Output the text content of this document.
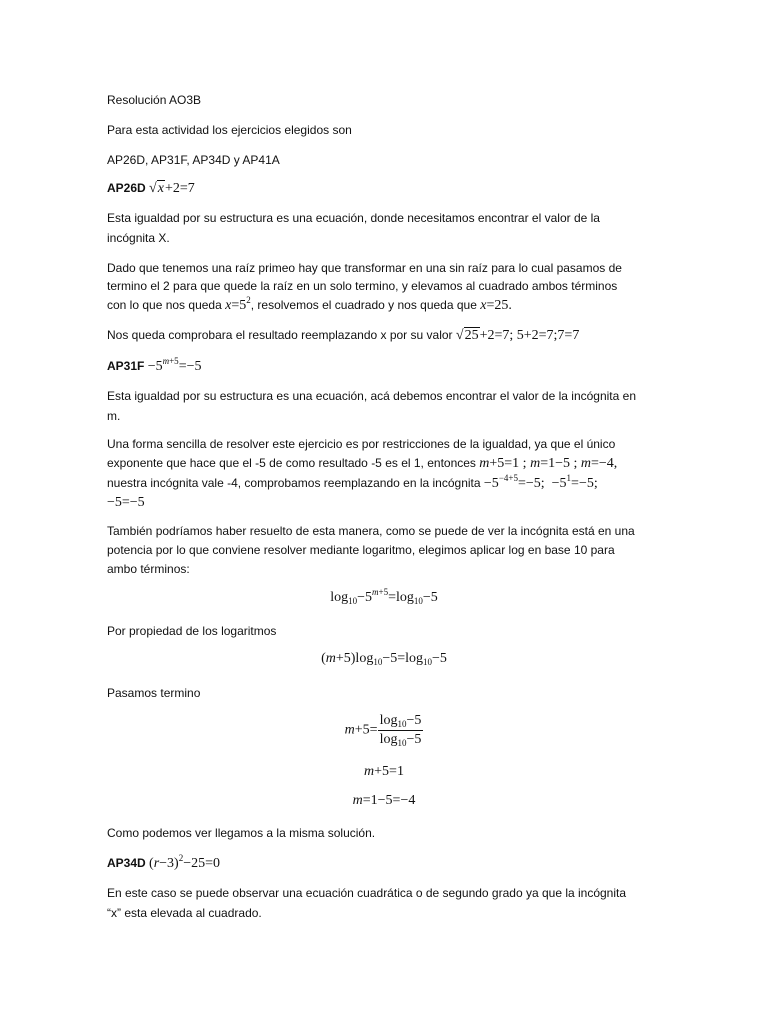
Resolución AO3B
Para esta actividad los ejercicios elegidos son
AP26D, AP31F, AP34D y AP41A
AP26D √x+2=7
Esta igualdad por su estructura es una ecuación, donde necesitamos encontrar el valor de la
incógnita X.
Dado que tenemos una raíz primeo hay que transformar en una sin raíz para lo cual pasamos de
termino el 2 para que quede la raíz en un solo termino, y elevamos al cuadrado ambos términos
con lo que nos queda $x=5^2$, resolvemos el cuadrado y nos queda que x=25.
Nos queda comprobara el resultado reemplazando x por su valor √25+2=7; 5+2=7;7=7
$AP31F -5^{m+5}=-5$
Esta igualdad por su estructura es una ecuación, acá debemos encontrar el valor de la incógnita en
m.
Una forma sencilla de resolver este ejercicio es por restricciones de la igualdad, ya que el único
exponente que hace que el -5 de como resultado -5 es el 1, entonces m+5=1 ; m=1−5 ; m=−4,
nuestra incógnita vale -4, comprobamos reemplazando en la incógnita $-5^{-4+5}=-5$;  $-5^1=-5$;
−5=−5
También podríamos haber resuelto de esta manera, como se puede de ver la incógnita está en una
potencia por lo que conviene resolver mediante logaritmo, elegimos aplicar log en base 10 para
ambo términos:
$\log_{10}-5^{m+5}=\log_{10}-5$
Por propiedad de los logaritmos
$(m+5)\log_{10}-5=\log_{10}-5$
Pasamos termino
$m+5= \frac{\log_{10}-5}{\log_{10}-5}$
m+5=1
m=1−5=−4
Como podemos ver llegamos a la misma solución.
AP34D $(r-3)^2-25=0$
En este caso se puede observar una ecuación cuadrática o de segundo grado ya que la incógnita
“x” esta elevada al cuadrado.
